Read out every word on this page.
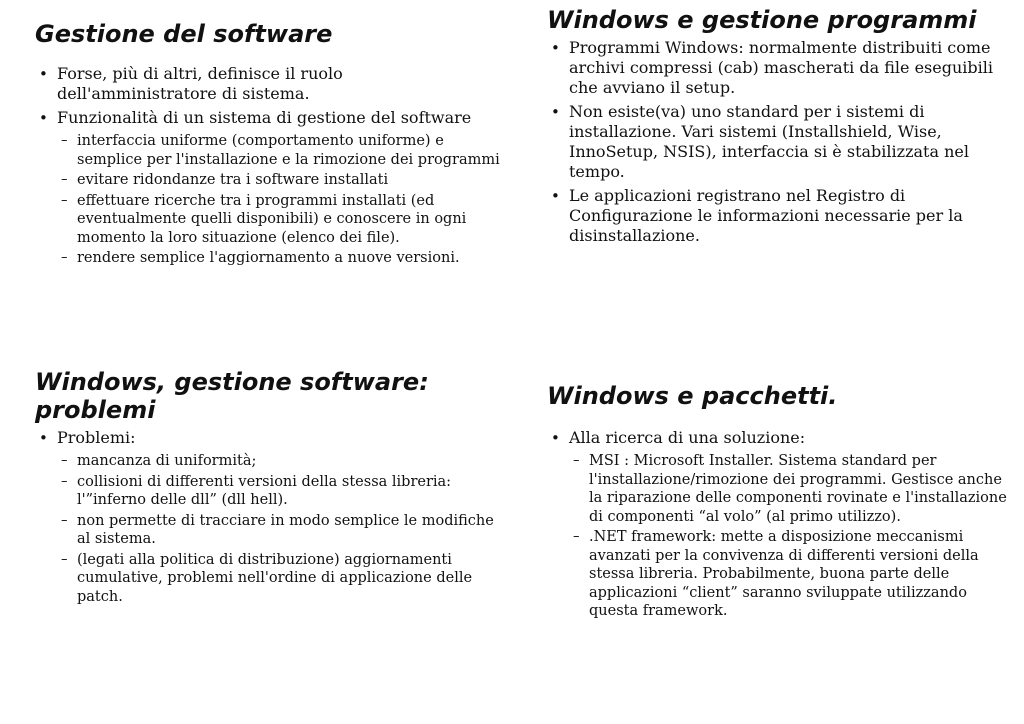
Gestione del software
• Forse, più di altri, definisce il ruolo dell'amministratore di sistema.
• Funzionalità di un sistema di gestione del software
– interfaccia uniforme (comportamento uniforme) e semplice per l'installazione e la rimozione dei programmi
– evitare ridondanze tra i software installati
– effettuare ricerche tra i programmi installati (ed eventualmente quelli disponibili) e conoscere in ogni momento la loro situazione (elenco dei file).
– rendere semplice l'aggiornamento a nuove versioni.
Windows e gestione programmi
• Programmi Windows: normalmente distribuiti come archivi compressi (cab) mascherati da file eseguibili che avviano il setup.
• Non esiste(va) uno standard per i sistemi di installazione. Vari sistemi (Installshield, Wise, InnoSetup, NSIS), interfaccia si è stabilizzata nel tempo.
• Le applicazioni registrano nel Registro di Configurazione le informazioni necessarie per la disinstallazione.
Windows, gestione software: problemi
• Problemi:
– mancanza di uniformità;
– collisioni di differenti versioni della stessa libreria: l'”inferno delle dll” (dll hell).
– non permette di tracciare in modo semplice le modifiche al sistema.
– (legati alla politica di distribuzione) aggiornamenti cumulative, problemi nell'ordine di applicazione delle patch.
Windows e pacchetti.
• Alla ricerca di una soluzione:
– MSI : Microsoft Installer. Sistema standard per l'installazione/rimozione dei programmi. Gestisce anche la riparazione delle componenti rovinate e l'installazione di componenti “al volo” (al primo utilizzo).
– .NET framework: mette a disposizione meccanismi avanzati per la convivenza di differenti versioni della stessa libreria. Probabilmente, buona parte delle applicazioni “client” saranno sviluppate utilizzando questa framework.
